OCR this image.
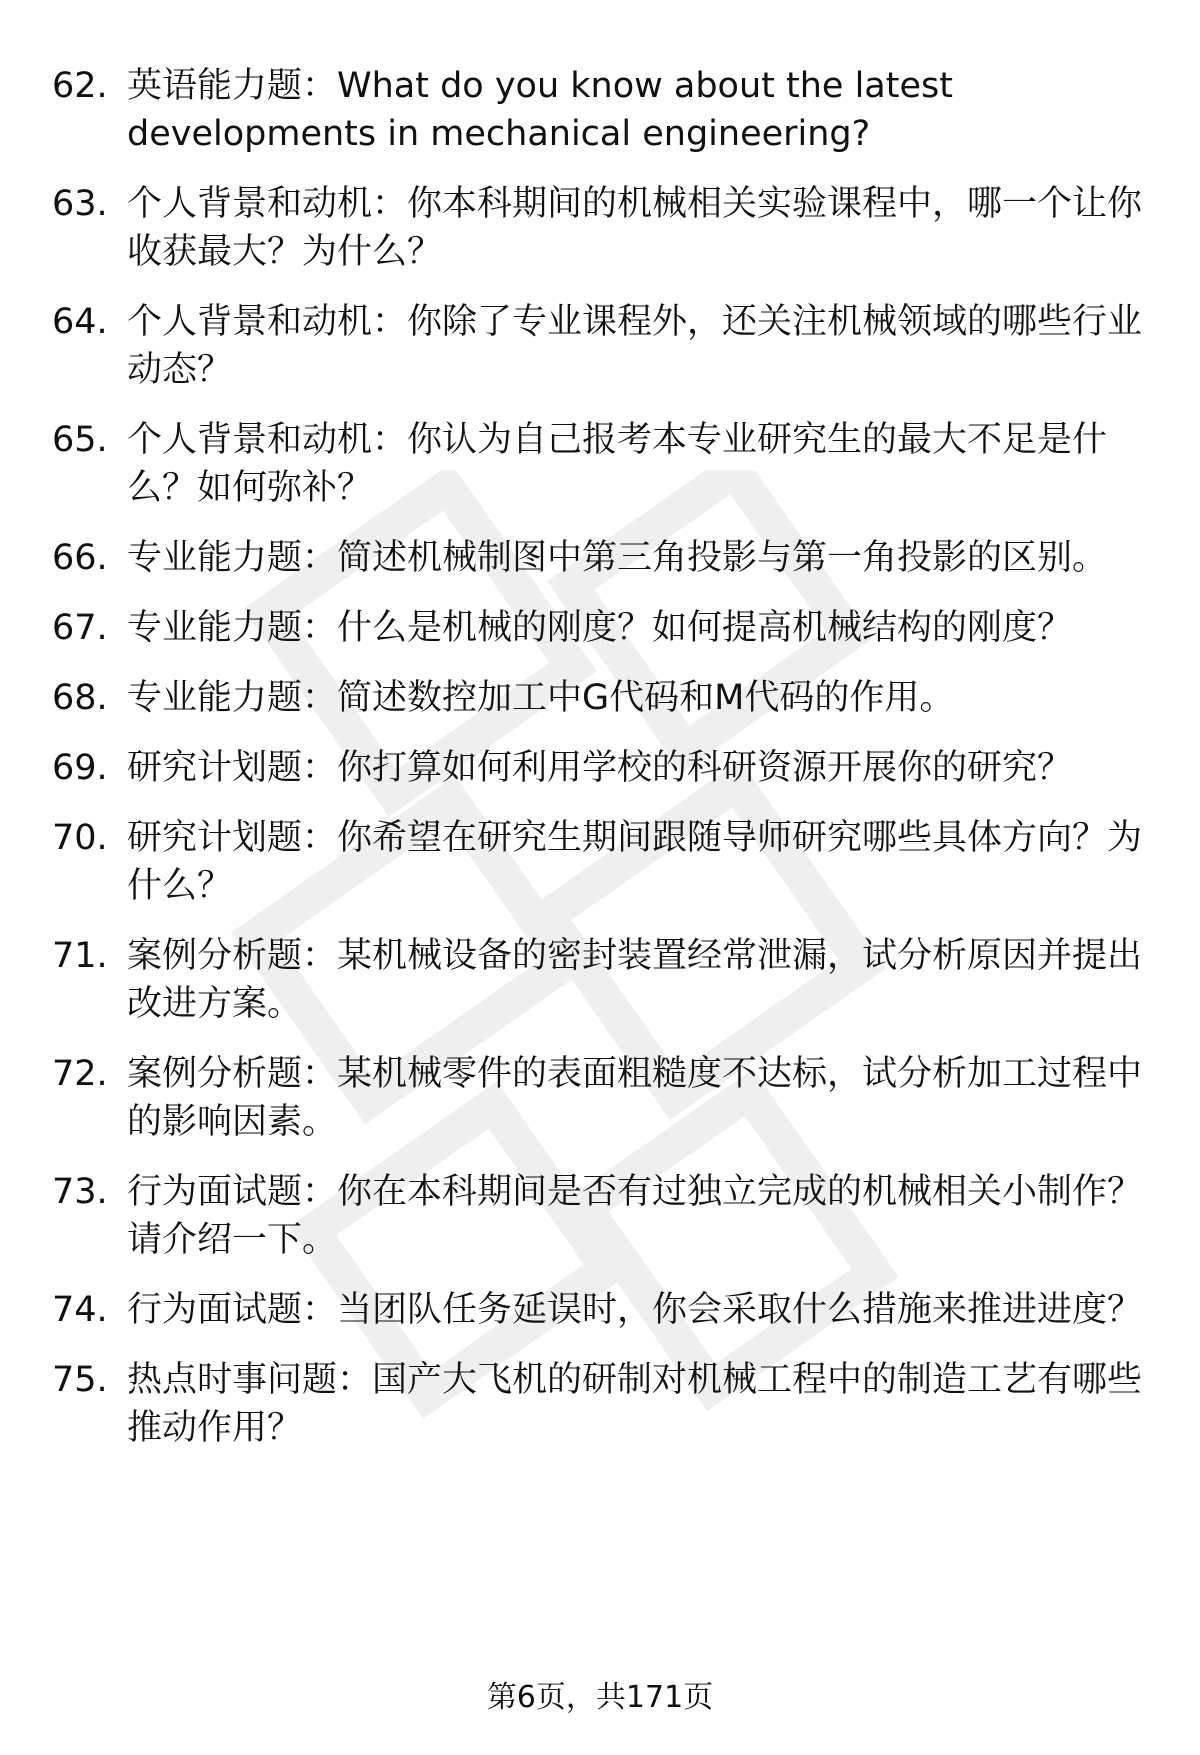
62. 英语能力题：What do you know about the latest developments in mechanical engineering?
63. 个人背景和动机：你本科期间的机械相关实验课程中，哪一个让你收获最大？为什么？
64. 个人背景和动机：你除了专业课程外，还关注机械领域的哪些行业动态？
65. 个人背景和动机：你认为自己报考本专业研究生的最大不足是什么？如何弥补？
66. 专业能力题：简述机械制图中第三角投影与第一角投影的区别。
67. 专业能力题：什么是机械的刚度？如何提高机械结构的刚度？
68. 专业能力题：简述数控加工中G代码和M代码的作用。
69. 研究计划题：你打算如何利用学校的科研资源开展你的研究？
70. 研究计划题：你希望在研究生期间跟随导师研究哪些具体方向？为什么？
71. 案例分析题：某机械设备的密封装置经常泄漏，试分析原因并提出改进方案。
72. 案例分析题：某机械零件的表面粗糙度不达标，试分析加工过程中的影响因素。
73. 行为面试题：你在本科期间是否有过独立完成的机械相关小制作？请介绍一下。
74. 行为面试题：当团队任务延误时，你会采取什么措施来推进进度？
75. 热点时事问题：国产大飞机的研制对机械工程中的制造工艺有哪些推动作用？
第6页，共171页
